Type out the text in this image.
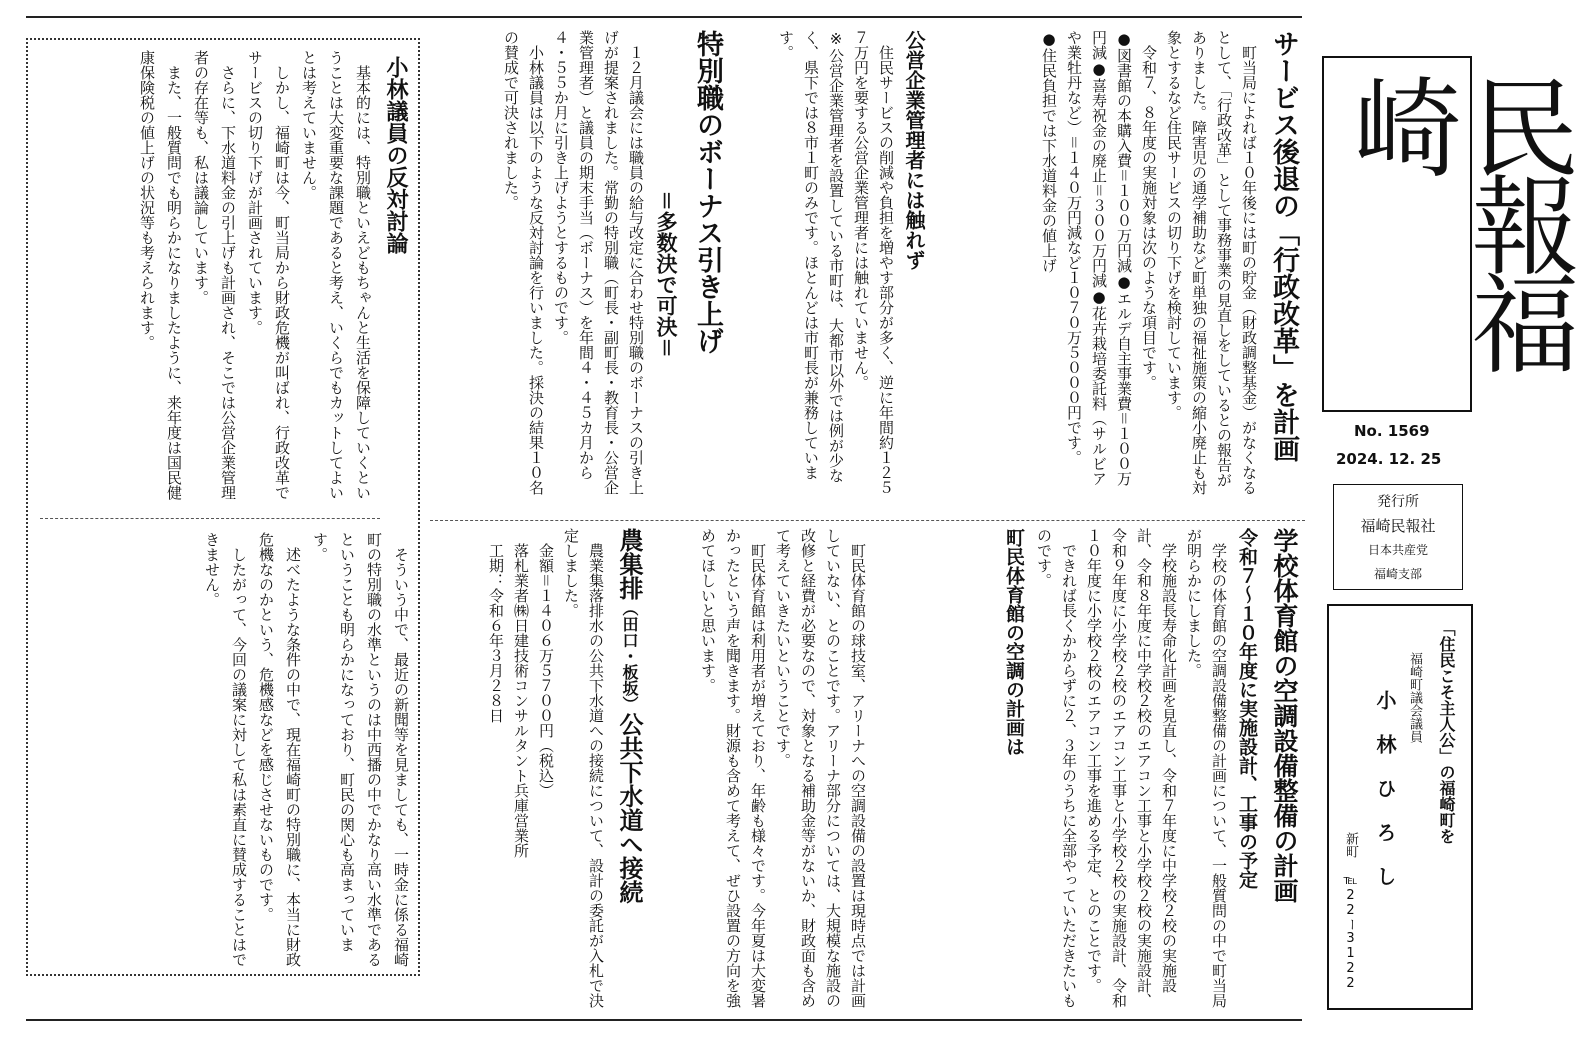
民報福崎
No. 1569
2024. 12. 25
発行所
福崎民報社
日本共産党
福崎支部
「住民こそ主人公」の福崎町を
福崎町議会議員
小 林 ひ ろ し
新町 ℡22ー3122
サービス後退の「行政改革」を計画

　町当局によれば１０年後には町の貯金（財政調整基金）がなくなるとして、「行政改革」として事務事業の見直しをしているとの報告がありました。障害児の通学補助など町単独の福祉施策の縮小廃止も対象とするなど住民サービスの切り下げを検討しています。

　令和７、８年度の実施対象は次のような項目です。

●図書館の本購入費＝１００万円減●エルデ自主事業費＝１００万円減●喜寿祝金の廃止＝３００万円減●花卉栽培委託料（サルビアや業牡丹など）＝１４０万円減など１０７０万５０００円です。

●住民負担では下水道料金の値上げ

公営企業管理者には触れず

　住民サービスの削減や負担を増やす部分が多く、逆に年間約１２５７万円を要する公営企業管理者には触れていません。

※公営企業管理者を設置している市町は、大都市以外では例が少なく、県下では８市１町のみです。ほとんどは市町長が兼務しています。

特別職のボーナス引き上げ
＝多数決で可決＝

　１２月議会には職員の給与改定に合わせ特別職のボーナスの引き上げが提案されました。常勤の特別職（町長・副町長・教育長・公営企業管理者）と議員の期末手当（ボーナス）を年間４・４５カ月から４・５５か月に引き上げようとするものです。

　小林議員は以下のような反対討論を行いました。採決の結果１０名の賛成で可決されました。

小林議員の反対討論

　基本的には、特別職といえどもちゃんと生活を保障していくということは大変重要な課題であると考え、いくらでもカットしてよいとは考えていません。

　しかし、福崎町は今、町当局から財政危機が叫ばれ、行政改革でサービスの切り下げが計画されています。

　さらに、下水道料金の引上げも計画され、そこでは公営企業管理者の存在等も、私は議論しています。

　また、一般質問でも明らかになりましたように、来年度は国民健康保険税の値上げの状況等も考えられます。

　そういう中で、最近の新聞等を見ましても、一時金に係る福崎町の特別職の水準というのは中西播の中でかなり高い水準であるということも明らかになっており、町民の関心も高まっています。

　述べたような条件の中で、現在福崎町の特別職に、本当に財政危機なのかという、危機感などを感じさせないものです。

　したがって、今回の議案に対して私は素直に賛成することはできません。	学校体育館の空調設備整備の計画
令和７〜１０年度に実施設計、工事の予定

　学校の体育館の空調設備整備の計画について、一般質問の中で町当局が明らかにしました。

　学校施設長寿命化計画を見直し、令和７年度に中学校２校の実施設計、令和８年度に中学校２校のエアコン工事と小学校２校の実施設計、令和９年度に小学校２校のエアコン工事と小学校２校の実施設計、令和１０年度に小学校２校のエアコン工事を進める予定、とのことです。

　できれば長くかからずに２、３年のうちに全部やっていただきたいものです。

町民体育館の空調の計画は

　町民体育館の球技室、アリーナへの空調設備の設置は現時点では計画していない、とのことです。アリーナ部分については、大規模な施設の改修と経費が必要なので、対象となる補助金等がないか、財政面も含めて考えていきたいということです。

　町民体育館は利用者が増えており、年齢も様々です。今年夏は大変暑かったという声を聞きます。財源も含めて考えて、ぜひ設置の方向を強めてほしいと思います。

農集排（田口・板坂）公共下水道へ接続

　農業集落排水の公共下水道への接続について、設計の委託が入札で決定しました。

　金額＝１４０６万５７００円（税込）

　落札業者㈱日建技術コンサルタント兵庫営業所

　工期：令和６年３月２８日
